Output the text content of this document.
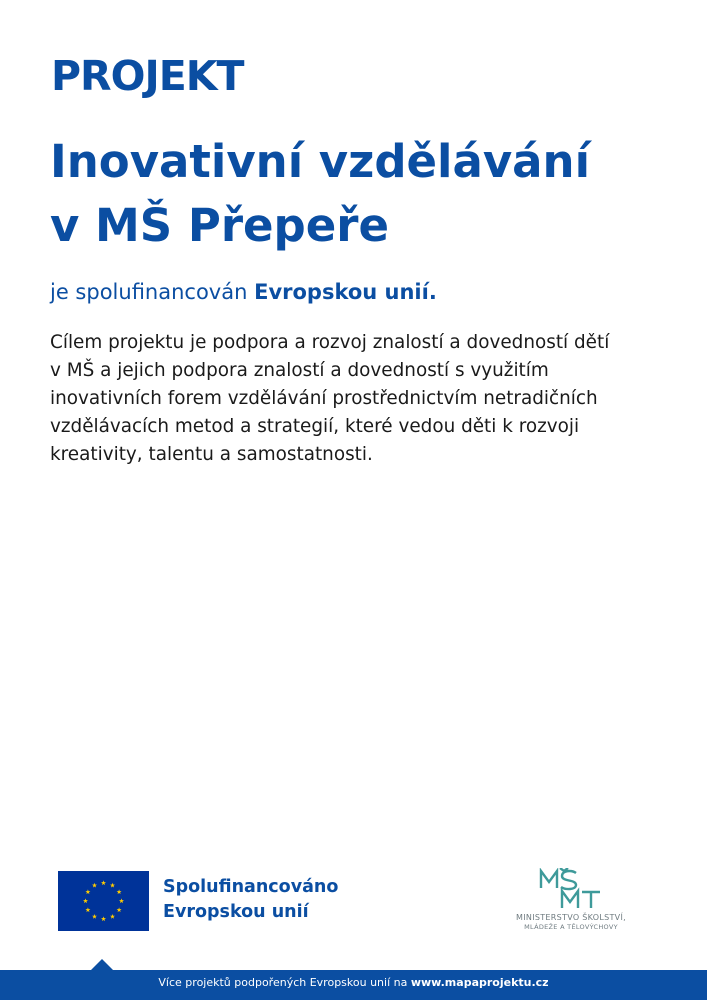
PROJEKT
Inovativní vzdělávání
v MŠ Přepeře

je spolufinancován Evropskou unií.

Cílem projektu je podpora a rozvoj znalostí a dovedností dětí
v MŠ a jejich podpora znalostí a dovedností s využitím
inovativních forem vzdělávání prostřednictvím netradičních
vzdělávacích metod a strategií, které vedou děti k rozvoji
kreativity, talentu a samostatnosti.

Spolufinancováno
Evropskou unií	MINISTERSTVO ŠKOLSTVÍ,
MLÁDEŽE A TĚLOVÝCHOVY
Více projektů podpořených Evropskou unií na www.mapaprojektu.cz
